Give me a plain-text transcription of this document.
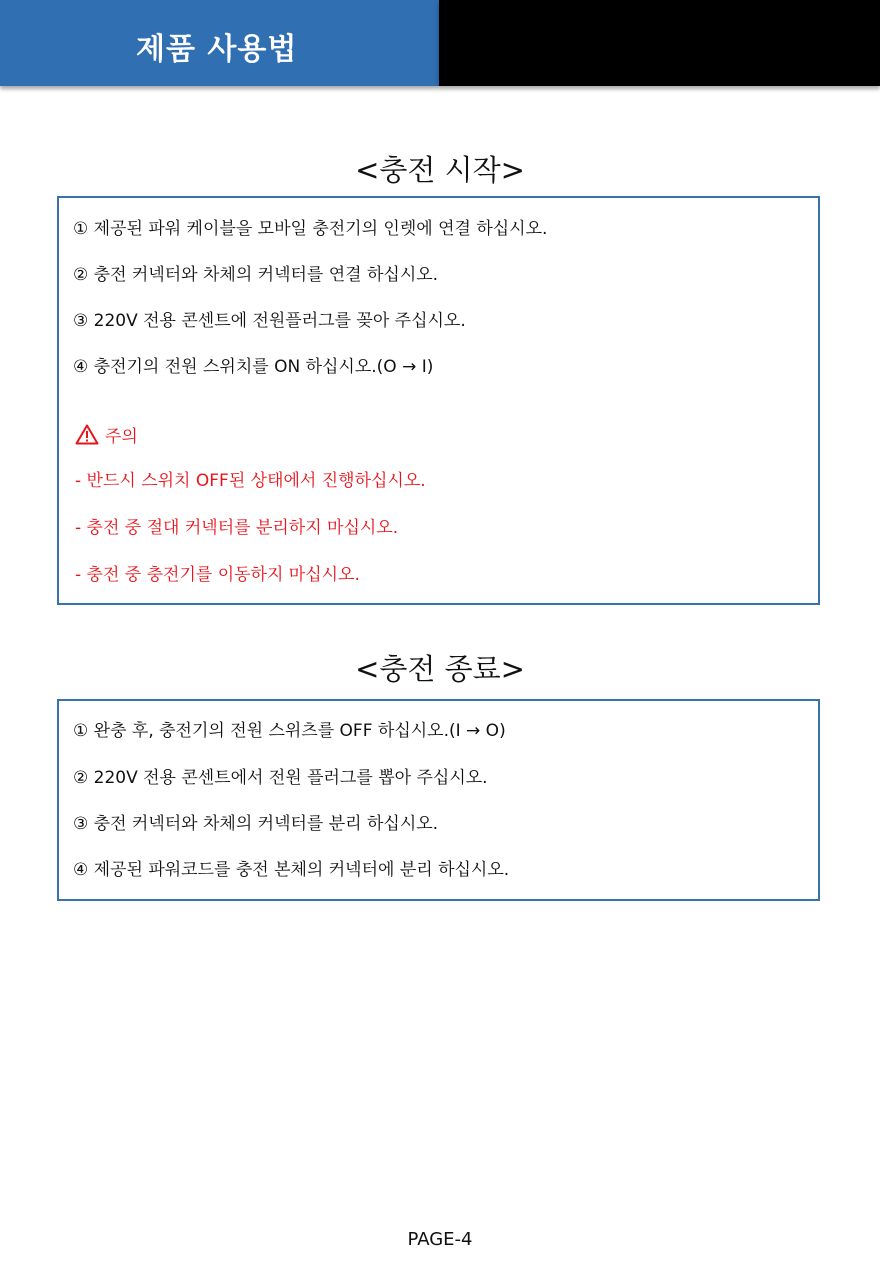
제품 사용법
<충전 시작>
① 제공된 파워 케이블을 모바일 충전기의 인렛에 연결 하십시오.
② 충전 커넥터와 차체의 커넥터를 연결 하십시오.
③ 220V 전용 콘센트에 전원플러그를 꽂아 주십시오.
④ 충전기의 전원 스위치를 ON 하십시오.(O → I)
주의
- 반드시 스위치 OFF된 상태에서 진행하십시오.
- 충전 중 절대 커넥터를 분리하지 마십시오.
- 충전 중 충전기를 이동하지 마십시오.
<충전 종료>
① 완충 후, 충전기의 전원 스위츠를 OFF 하십시오.(I → O)
② 220V 전용 콘센트에서 전원 플러그를 뽑아 주십시오.
③ 충전 커넥터와 차체의 커넥터를 분리 하십시오.
④ 제공된 파워코드를 충전 본체의 커넥터에 분리 하십시오.
PAGE-4
